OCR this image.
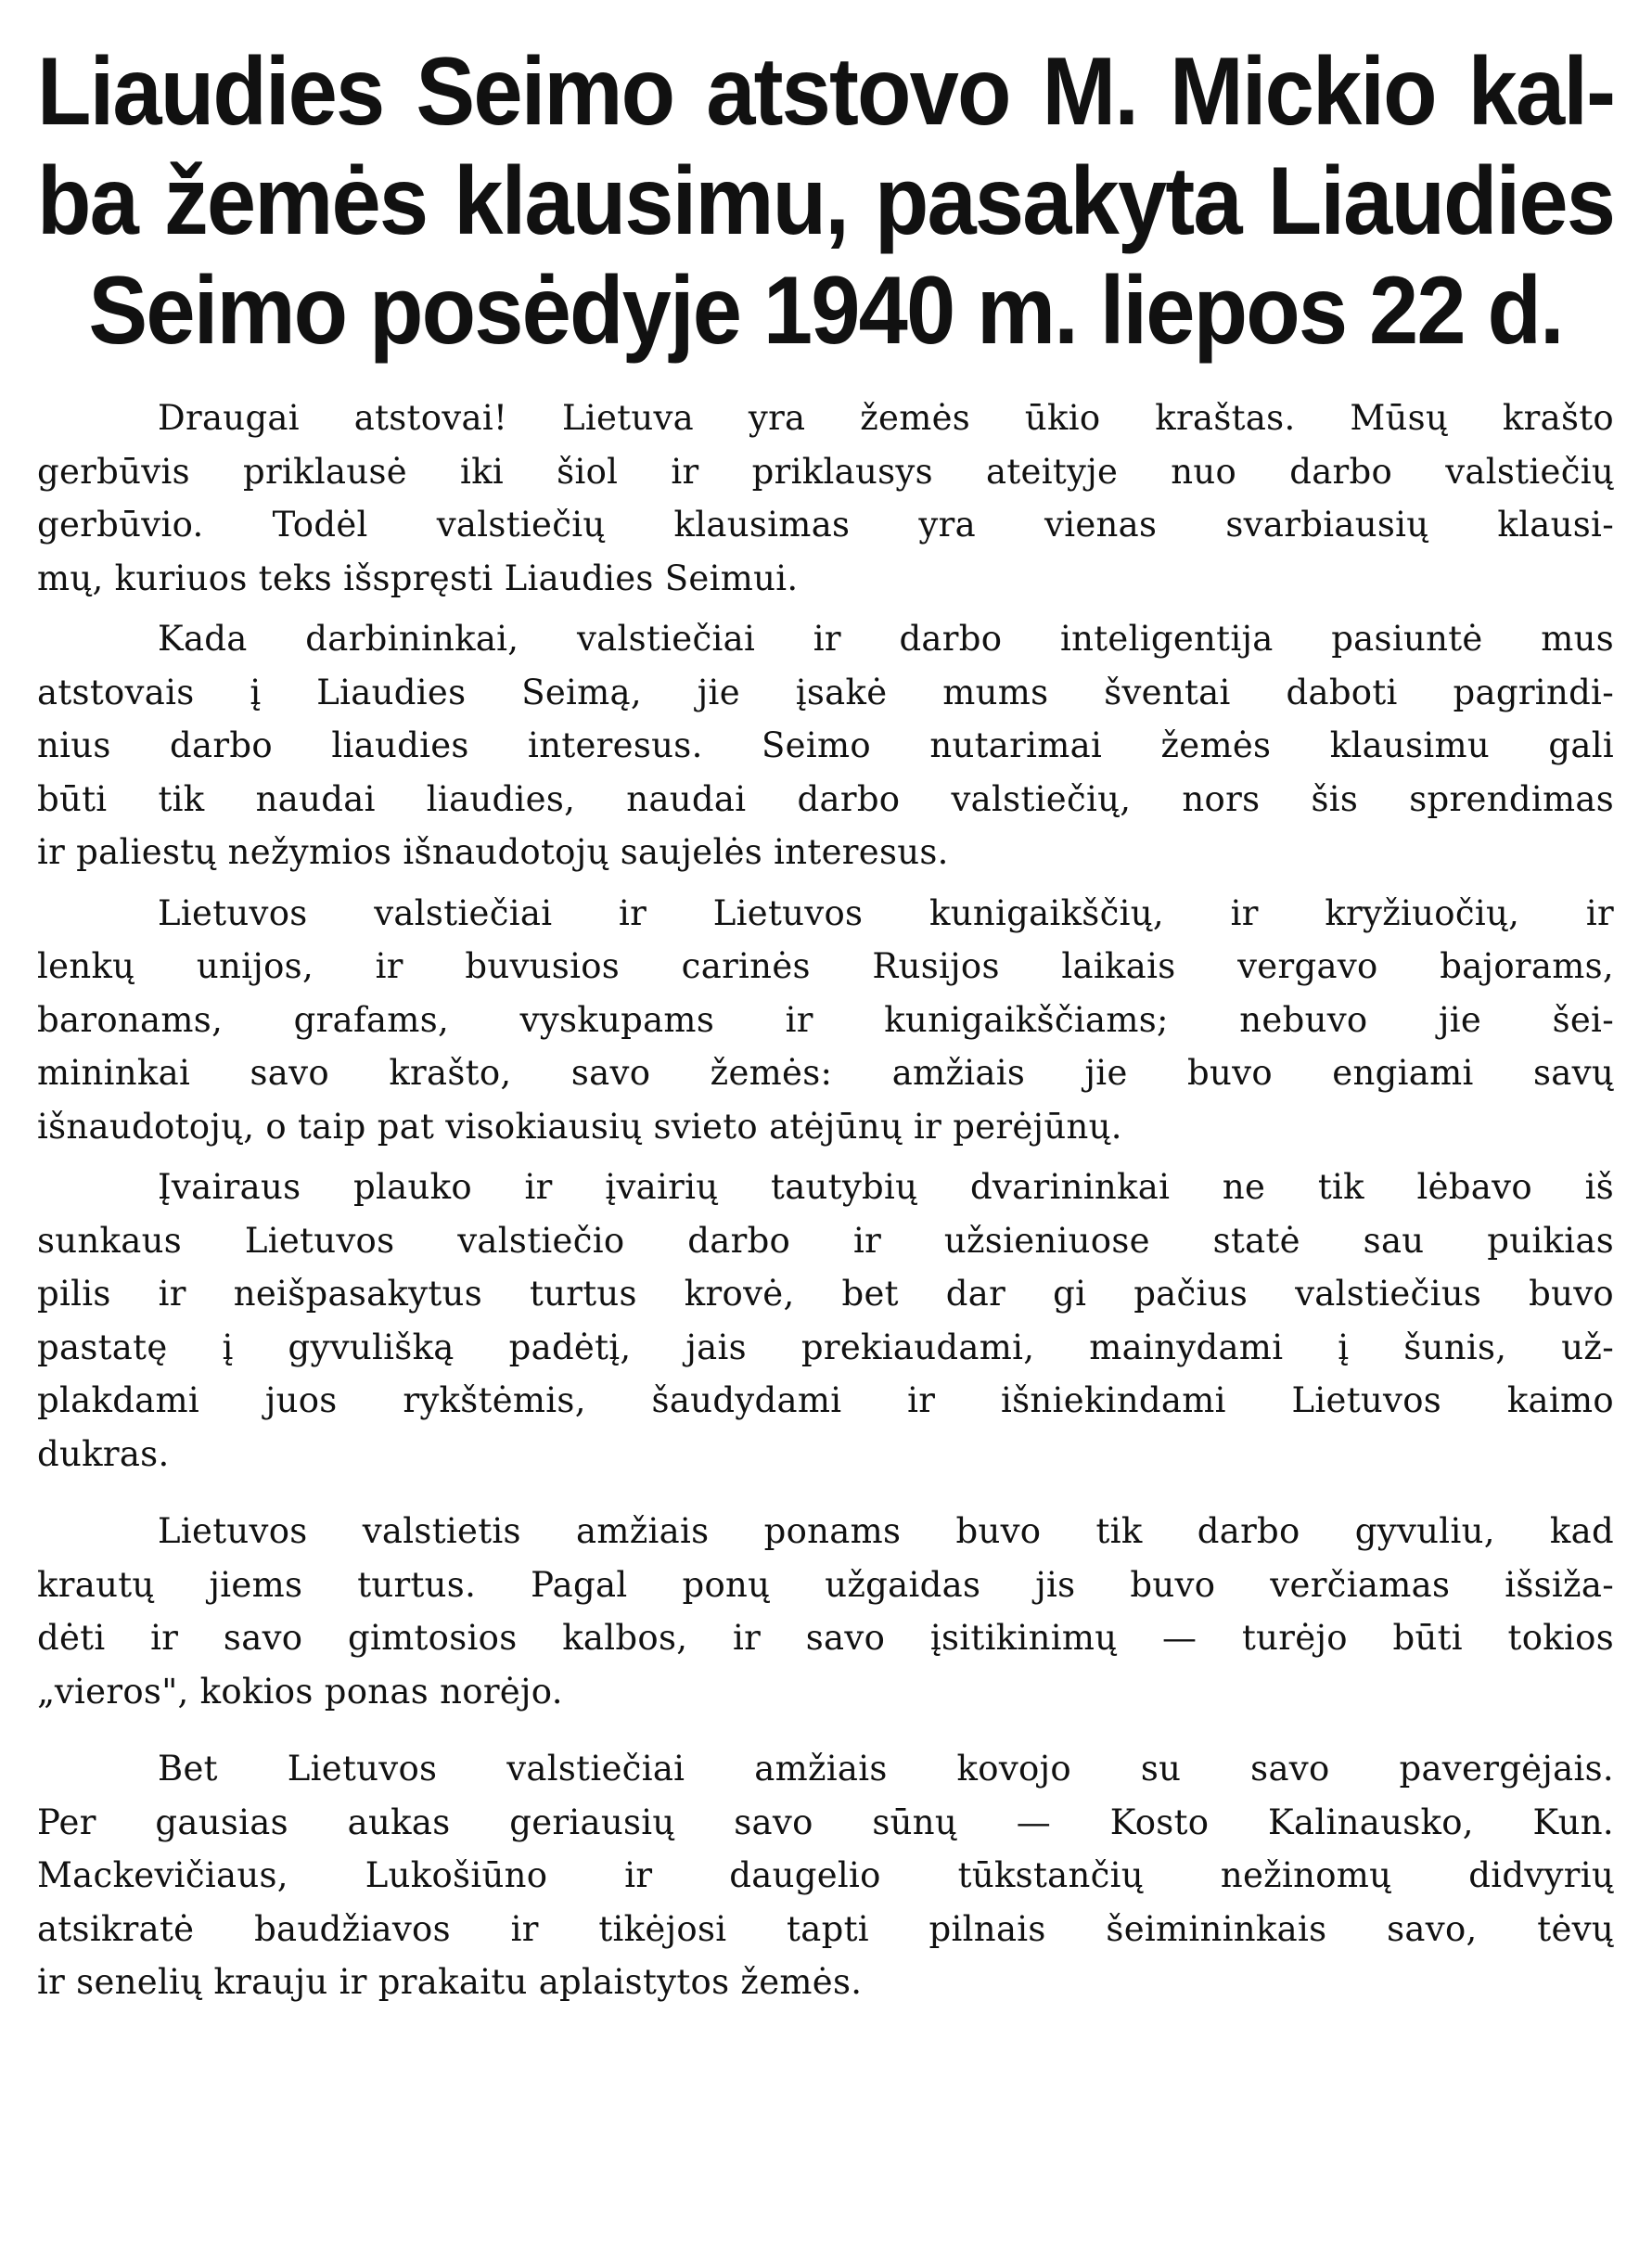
Liaudies Seimo atstovo M. Mickio kal-
ba žemės klausimu, pasakyta Liaudies
Seimo posėdyje 1940 m. liepos 22 d.
Draugai atstovai! Lietuva yra žemės ūkio kraštas. Mūsų krašto
gerbūvis priklausė iki šiol ir priklausys ateityje nuo darbo valstiečių
gerbūvio. Todėl valstiečių klausimas yra vienas svarbiausių klausi-
mų, kuriuos teks išspręsti Liaudies Seimui.
Kada darbininkai, valstiečiai ir darbo inteligentija pasiuntė mus
atstovais į Liaudies Seimą, jie įsakė mums šventai daboti pagrindi-
nius darbo liaudies interesus. Seimo nutarimai žemės klausimu gali
būti tik naudai liaudies, naudai darbo valstiečių, nors šis sprendimas
ir paliestų nežymios išnaudotojų saujelės interesus.
Lietuvos valstiečiai ir Lietuvos kunigaikščių, ir kryžiuočių, ir
lenkų unijos, ir buvusios carinės Rusijos laikais vergavo bajorams,
baronams, grafams, vyskupams ir kunigaikščiams; nebuvo jie šei-
mininkai savo krašto, savo žemės: amžiais jie buvo engiami savų
išnaudotojų, o taip pat visokiausių svieto atėjūnų ir perėjūnų.
Įvairaus plauko ir įvairių tautybių dvarininkai ne tik lėbavo iš
sunkaus Lietuvos valstiečio darbo ir užsieniuose statė sau puikias
pilis ir neišpasakytus turtus krovė, bet dar gi pačius valstiečius buvo
pastatę į gyvulišką padėtį, jais prekiaudami, mainydami į šunis, už-
plakdami juos rykštėmis, šaudydami ir išniekindami Lietuvos kaimo
dukras.
Lietuvos valstietis amžiais ponams buvo tik darbo gyvuliu, kad
krautų jiems turtus. Pagal ponų užgaidas jis buvo verčiamas išsiža-
dėti ir savo gimtosios kalbos, ir savo įsitikinimų — turėjo būti tokios
„vieros", kokios ponas norėjo.
Bet Lietuvos valstiečiai amžiais kovojo su savo pavergėjais.
Per gausias aukas geriausių savo sūnų — Kosto Kalinausko, Kun.
Mackevičiaus, Lukošiūno ir daugelio tūkstančių nežinomų didvyrių
atsikratė baudžiavos ir tikėjosi tapti pilnais šeimininkais savo, tėvų
ir senelių krauju ir prakaitu aplaistytos žemės.
